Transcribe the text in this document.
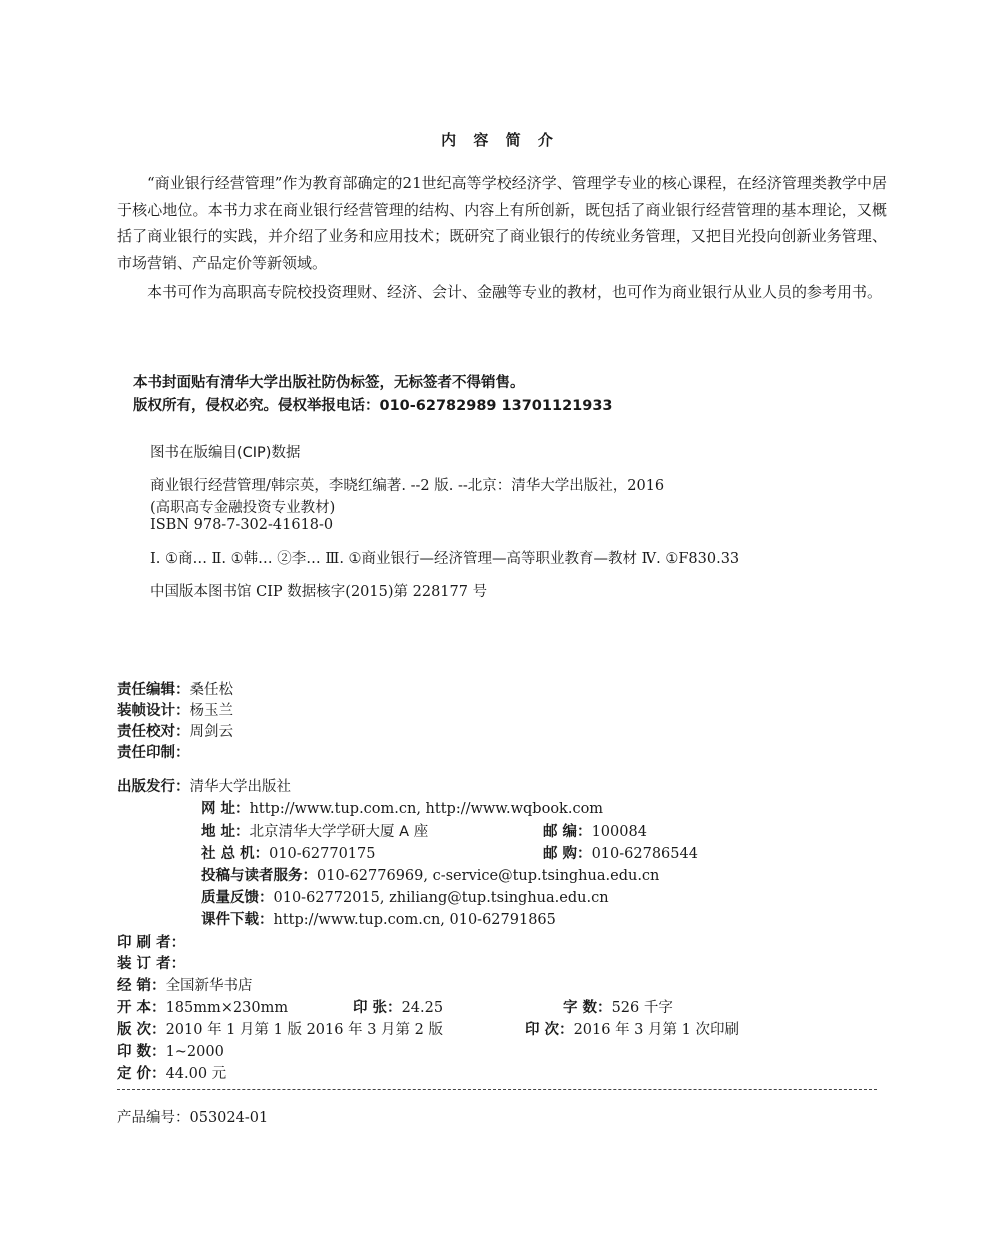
内 容 简 介
“商业银行经营管理”作为教育部确定的21世纪高等学校经济学、管理学专业的核心课程，在经济管理类教学中居于核心地位。本书力求在商业银行经营管理的结构、内容上有所创新，既包括了商业银行经营管理的基本理论，又概括了商业银行的实践，并介绍了业务和应用技术；既研究了商业银行的传统业务管理，又把目光投向创新业务管理、市场营销、产品定价等新领域。
本书可作为高职高专院校投资理财、经济、会计、金融等专业的教材，也可作为商业银行从业人员的参考用书。
本书封面贴有清华大学出版社防伪标签，无标签者不得销售。
版权所有，侵权必究。侵权举报电话：010-62782989 13701121933
图书在版编目(CIP)数据
商业银行经营管理/韩宗英，李晓红编著. --2 版. --北京：清华大学出版社，2016
(高职高专金融投资专业教材)
ISBN 978-7-302-41618-0
Ⅰ. ①商… Ⅱ. ①韩… ②李… Ⅲ. ①商业银行—经济管理—高等职业教育—教材 Ⅳ. ①F830.33
中国版本图书馆 CIP 数据核字(2015)第 228177 号
责任编辑：桑任松
装帧设计：杨玉兰
责任校对：周剑云
责任印制：
出版发行：清华大学出版社
网 址：http://www.tup.com.cn, http://www.wqbook.com
地 址：北京清华大学学研大厦 A 座	邮 编：100084
社 总 机：010-62770175	邮 购：010-62786544
投稿与读者服务：010-62776969, c-service@tup.tsinghua.edu.cn
质量反馈：010-62772015, zhiliang@tup.tsinghua.edu.cn
课件下载：http://www.tup.com.cn, 010-62791865
印 刷 者：
装 订 者：
经 销：全国新华书店
开 本：185mm×230mm	印 张：24.25	字 数：526 千字
版 次：2010 年 1 月第 1 版 2016 年 3 月第 2 版	印 次：2016 年 3 月第 1 次印刷
印 数：1~2000
定 价：44.00 元
产品编号：053024-01
